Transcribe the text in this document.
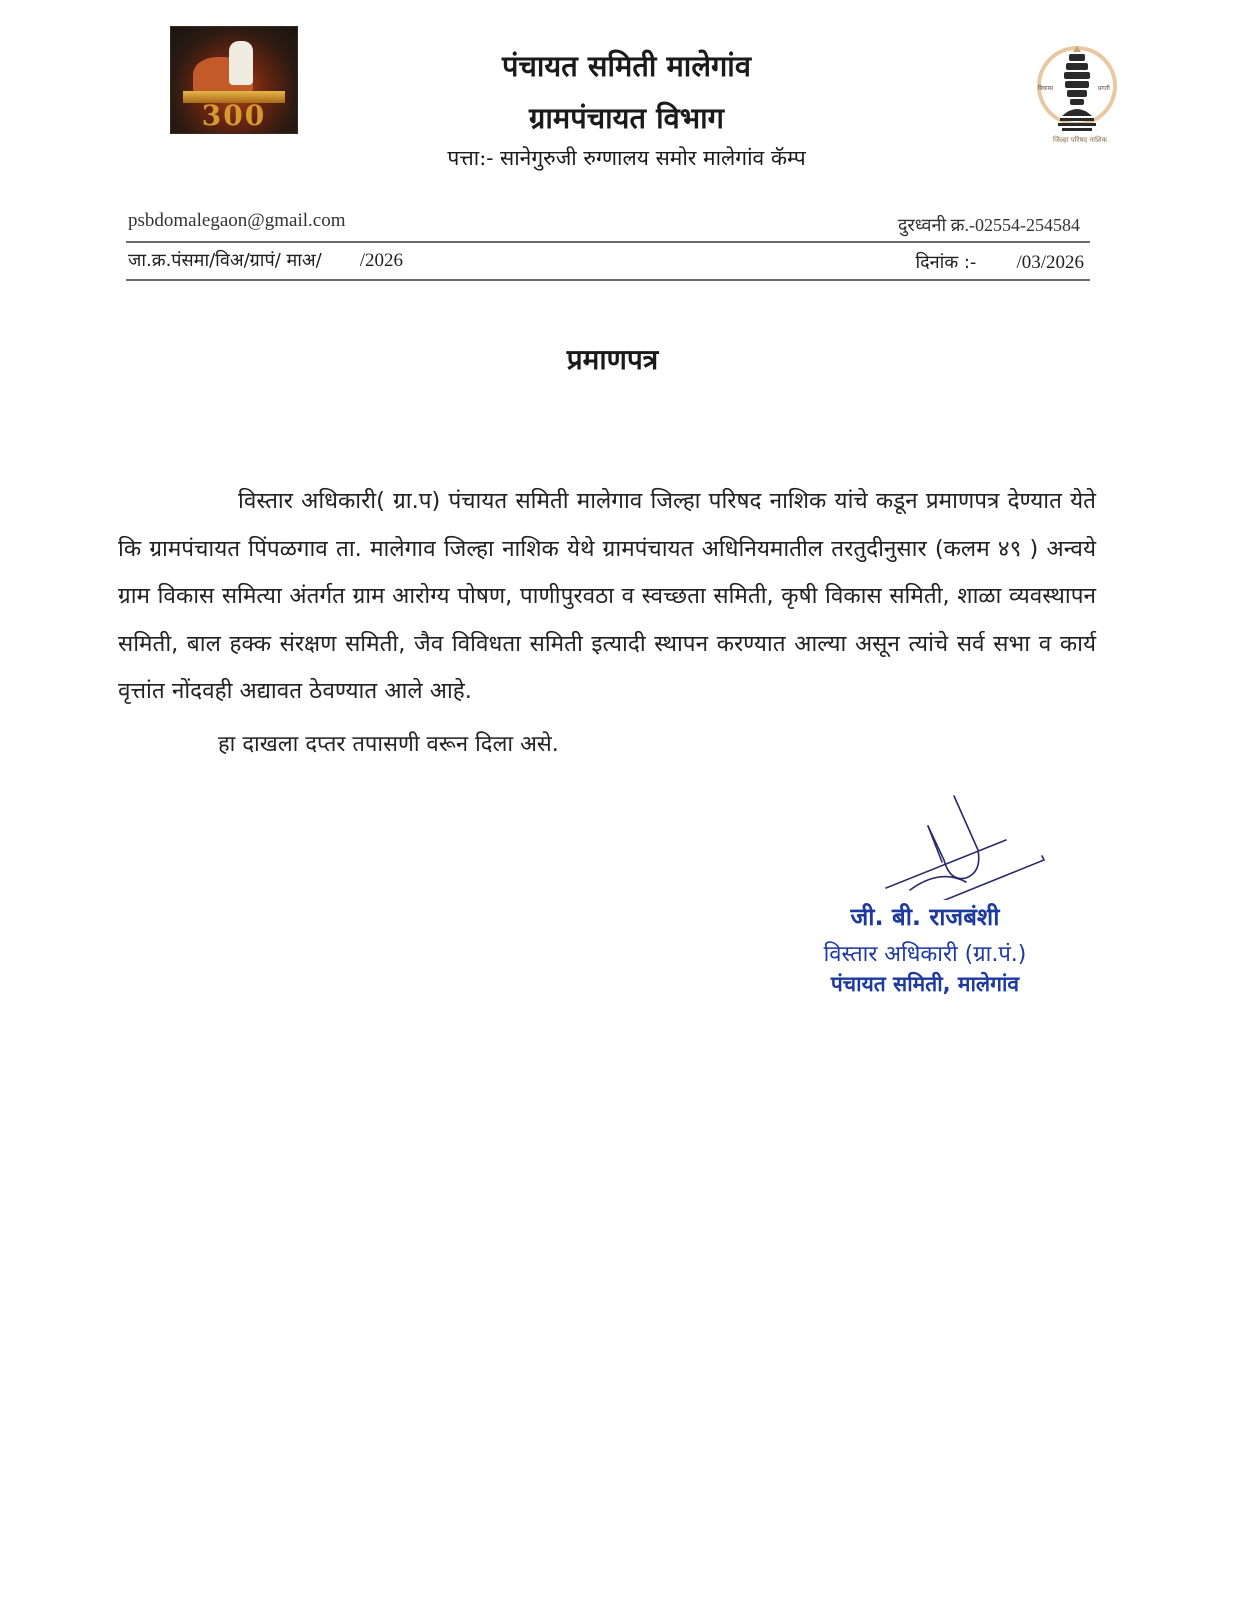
300
पंचायत समिती मालेगांव
ग्रामपंचायत विभाग
पत्ता:- सानेगुरुजी रुग्णालय समोर मालेगांव कॅम्प
विकास	प्रगती
जिल्हा परिषद नाशिक
psbdomalegaon@gmail.com	दुरध्वनी क्र.-02554-254584
जा.क्र.पंसमा/विअ/ग्रापं/ माअ/ /2026	दिनांक :- /03/2026
प्रमाणपत्र
विस्तार अधिकारी( ग्रा.प) पंचायत समिती मालेगाव जिल्हा परिषद नाशिक यांचे कडून प्रमाणपत्र देण्यात येते कि ग्रामपंचायत पिंपळगाव ता. मालेगाव जिल्हा नाशिक येथे ग्रामपंचायत अधिनियमातील तरतुदीनुसार (कलम ४९ ) अन्वये ग्राम विकास समित्या अंतर्गत ग्राम आरोग्य पोषण, पाणीपुरवठा व स्वच्छता समिती, कृषी विकास समिती, शाळा व्यवस्थापन समिती, बाल हक्क संरक्षण समिती, जैव विविधता समिती इत्यादी स्थापन करण्यात आल्या असून त्यांचे सर्व सभा व कार्य वृत्तांत नोंदवही अद्यावत ठेवण्यात आले आहे.
हा दाखला दप्तर तपासणी वरून दिला असे.
जी. बी. राजबंशी
विस्तार अधिकारी (ग्रा.पं.)
पंचायत समिती, मालेगांव
